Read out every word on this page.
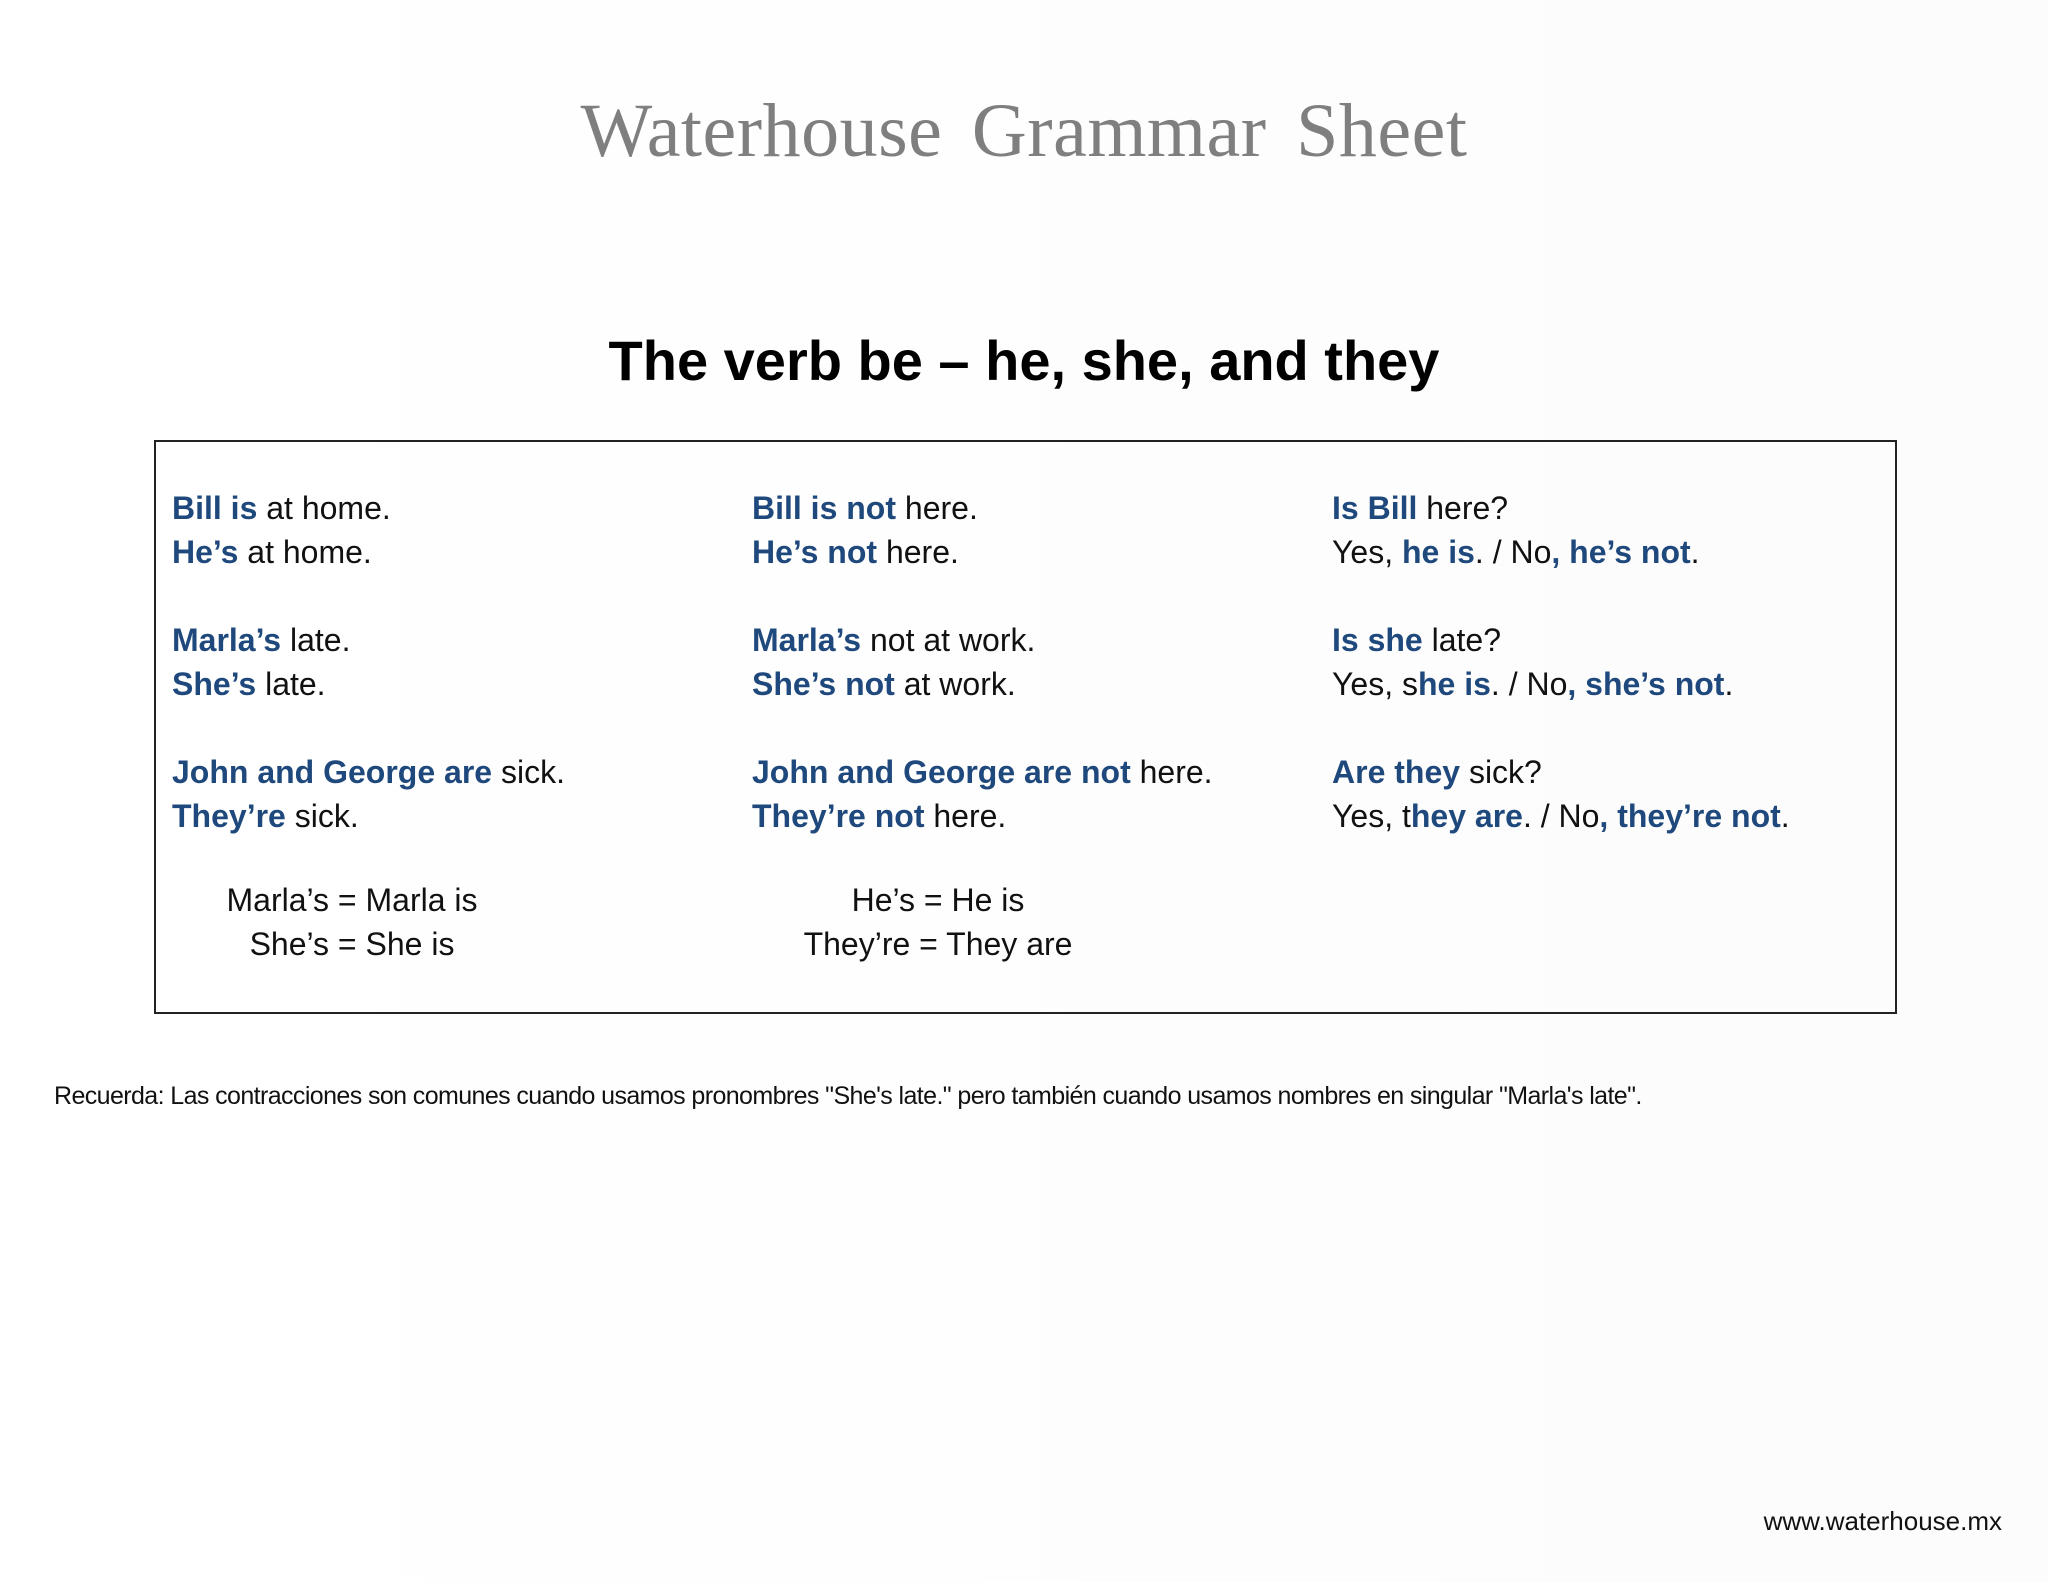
Waterhouse Grammar Sheet
The verb be – he, she, and they
Bill is at home.
He’s at home.
Marla’s late.
She’s late.
John and George are sick.
They’re sick.
Bill is not here.
He’s not here.
Marla’s not at work.
She’s not at work.
John and George are not here.
They’re not here.
Is Bill here?
Yes, he is. / No, he’s not.
Is she late?
Yes, she is. / No, she’s not.
Are they sick?
Yes, they are. / No, they’re not.
Marla’s = Marla is
She’s = She is
He’s = He is
They’re = They are
Recuerda: Las contracciones son comunes cuando usamos pronombres "She's late." pero también cuando usamos nombres en singular "Marla's late".
www.waterhouse.mx
